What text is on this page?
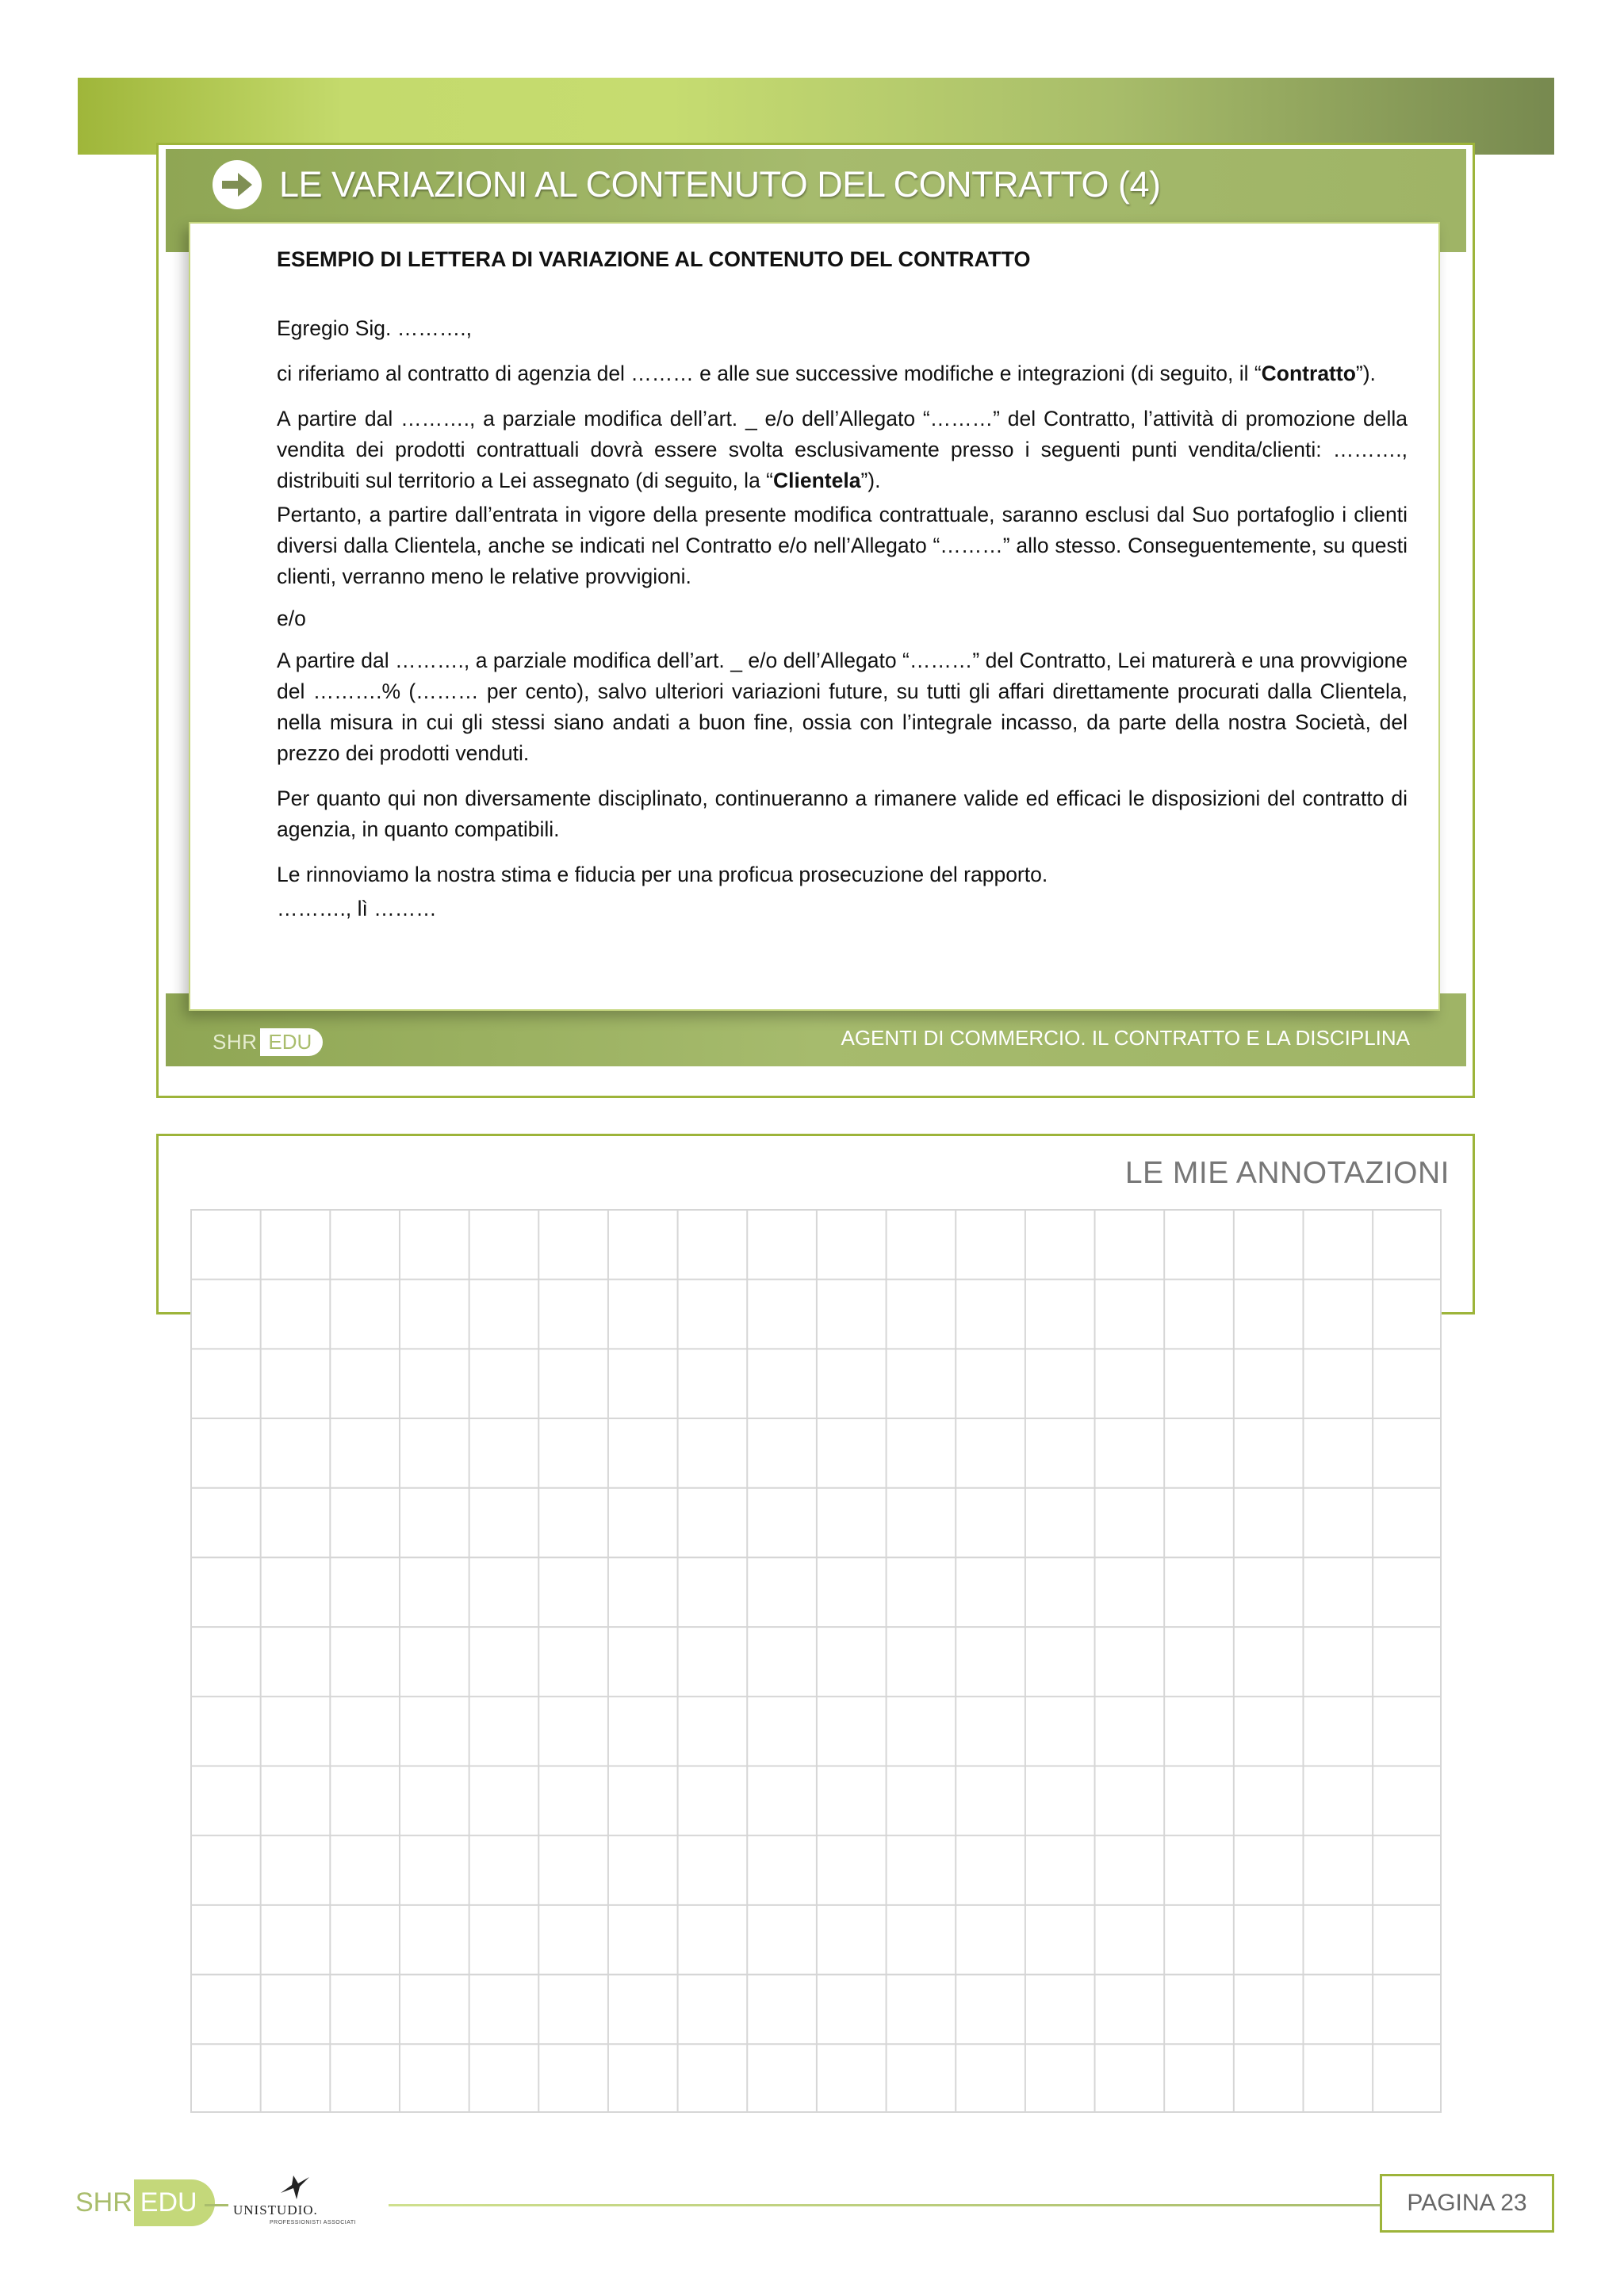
LE VARIAZIONI AL CONTENUTO DEL CONTRATTO (4)
SHR EDU	AGENTI DI COMMERCIO. IL CONTRATTO E LA DISCIPLINA

ESEMPIO DI LETTERA DI VARIAZIONE AL CONTENUTO DEL CONTRATTO

Egregio Sig. ……….,

ci riferiamo al contratto di agenzia del ……… e alle sue successive modifiche e integrazioni (di seguito, il “Contratto”).

A partire dal ………., a parziale modifica dell’art. _ e/o dell’Allegato “………” del Contratto, l’attività di promozione della vendita dei prodotti contrattuali dovrà essere svolta esclusivamente presso i seguenti punti vendita/clienti: ………., distribuiti sul territorio a Lei assegnato (di seguito, la “Clientela”).

Pertanto, a partire dall’entrata in vigore della presente modifica contrattuale, saranno esclusi dal Suo portafoglio i clienti diversi dalla Clientela, anche se indicati nel Contratto e/o nell’Allegato “………” allo stesso. Conseguentemente, su questi clienti, verranno meno le relative provvigioni.

e/o

A partire dal ………., a parziale modifica dell’art. _ e/o dell’Allegato “………” del Contratto, Lei maturerà e una provvigione del ……….% (……… per cento), salvo ulteriori variazioni future, su tutti gli affari direttamente procurati dalla Clientela, nella misura in cui gli stessi siano andati a buon fine, ossia con l’integrale incasso, da parte della nostra Società, del prezzo dei prodotti venduti.

Per quanto qui non diversamente disciplinato, continueranno a rimanere valide ed efficaci le disposizioni del contratto di agenzia, in quanto compatibili.

Le rinnoviamo la nostra stima e fiducia per una proficua prosecuzione del rapporto.

………., lì ………

LE MIE ANNOTAZIONI
SHR EDU	UNISTUDIO.
PROFESSIONISTI ASSOCIATI
PAGINA 23
